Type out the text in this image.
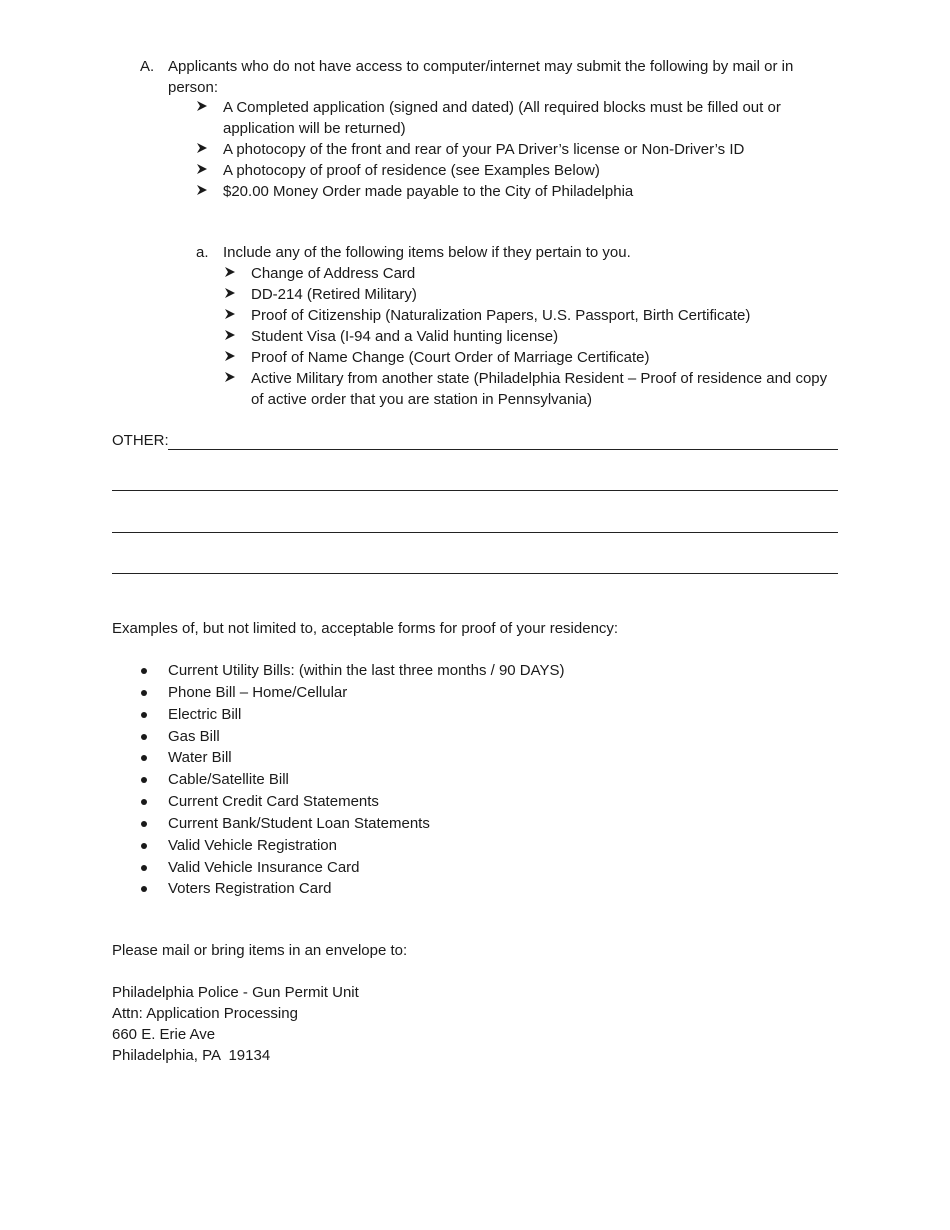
A. Applicants who do not have access to computer/internet may submit the following by mail or in person:
A Completed application (signed and dated) (All required blocks must be filled out or application will be returned)
A photocopy of the front and rear of your PA Driver’s license or Non-Driver’s ID
A photocopy of proof of residence (see Examples Below)
$20.00 Money Order made payable to the City of Philadelphia
a. Include any of the following items below if they pertain to you.
Change of Address Card
DD-214 (Retired Military)
Proof of Citizenship (Naturalization Papers, U.S. Passport, Birth Certificate)
Student Visa (I-94 and a Valid hunting license)
Proof of Name Change (Court Order of Marriage Certificate)
Active Military from another state (Philadelphia Resident – Proof of residence and copy of active order that you are station in Pennsylvania)
OTHER:
Examples of, but not limited to, acceptable forms for proof of your residency:
Current Utility Bills: (within the last three months / 90 DAYS)
Phone Bill – Home/Cellular
Electric Bill
Gas Bill
Water Bill
Cable/Satellite Bill
Current Credit Card Statements
Current Bank/Student Loan Statements
Valid Vehicle Registration
Valid Vehicle Insurance Card
Voters Registration Card
Please mail or bring items in an envelope to:
Philadelphia Police - Gun Permit Unit
Attn: Application Processing
660 E. Erie Ave
Philadelphia, PA  19134
